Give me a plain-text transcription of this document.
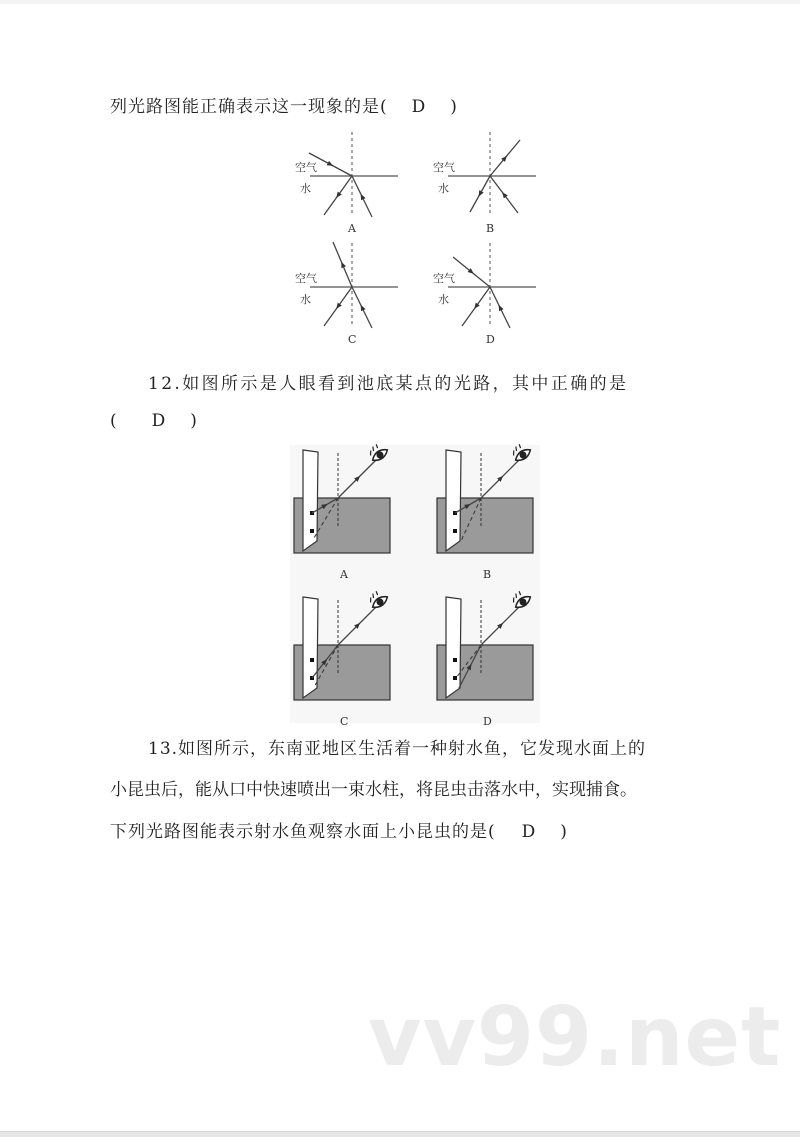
列光路图能正确表示这一现象的是( D )
空气
水
A
空气
水
B
空气
水
C
空气
水
D
12.如图所示是人眼看到池底某点的光路，其中正确的是
( D )
A	B
C	D
13.如图所示，东南亚地区生活着一种射水鱼，它发现水面上的
小昆虫后，能从口中快速喷出一束水柱，将昆虫击落水中，实现捕食。
下列光路图能表示射水鱼观察水面上小昆虫的是( D )
vv99.net
